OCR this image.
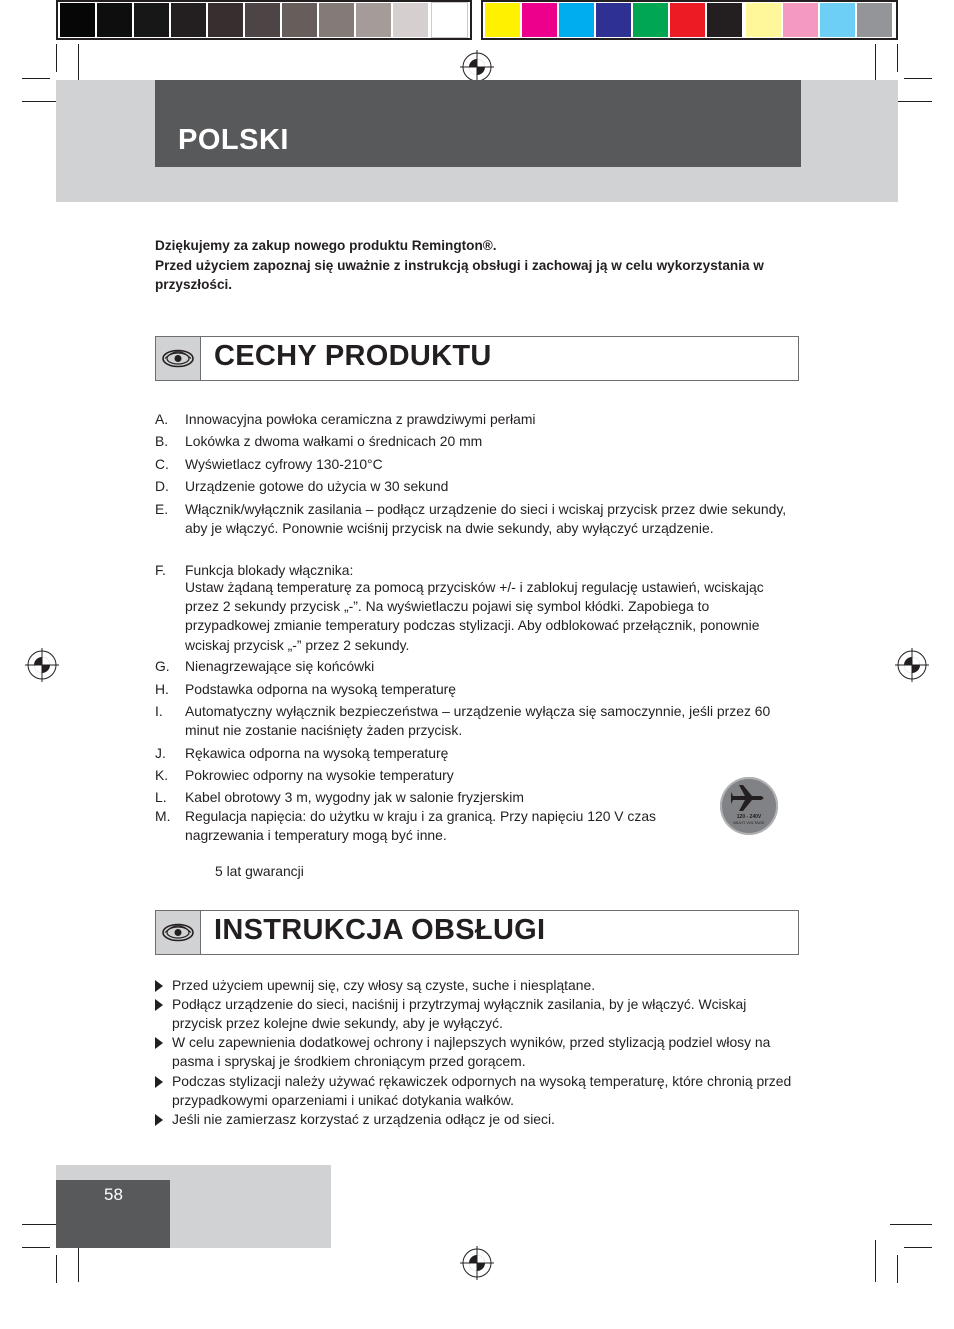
POLSKI
Dziękujemy za zakup nowego produktu Remington®.
Przed użyciem zapoznaj się uważnie z instrukcją obsługi i zachowaj ją w celu wykorzystania w przyszłości.
CECHY PRODUKTU
A. Innowacyjna powłoka ceramiczna z prawdziwymi perłami
B. Lokówka z dwoma wałkami o średnicach 20 mm
C. Wyświetlacz cyfrowy 130-210°C
D. Urządzenie gotowe do użycia w 30 sekund
E. Włącznik/wyłącznik zasilania – podłącz urządzenie do sieci i wciskaj przycisk przez dwie sekundy, aby je włączyć. Ponownie wciśnij przycisk na dwie sekundy, aby wyłączyć urządzenie.
F. Funkcja blokady włącznika:
Ustaw żądaną temperaturę za pomocą przycisków +/- i zablokuj regulację ustawień, wciskając przez 2 sekundy przycisk „-”. Na wyświetlaczu pojawi się symbol kłódki. Zapobiega to przypadkowej zmianie temperatury podczas stylizacji. Aby odblokować przełącznik, ponownie wciskaj przycisk „-” przez 2 sekundy.
G. Nienagrzewające się końcówki
H. Podstawka odporna na wysoką temperaturę
I. Automatyczny wyłącznik bezpieczeństwa – urządzenie wyłącza się samoczynnie, jeśli przez 60 minut nie zostanie naciśnięty żaden przycisk.
J. Rękawica odporna na wysoką temperaturę
K. Pokrowiec odporny na wysokie temperatury
L. Kabel obrotowy 3 m, wygodny jak w salonie fryzjerskim
M. Regulacja napięcia: do użytku w kraju i za granicą. Przy napięciu 120 V czas nagrzewania i temperatury mogą być inne.
120 - 240V
MULTI VOLTAGE
5 lat gwarancji
INSTRUKCJA OBSŁUGI
Przed użyciem upewnij się, czy włosy są czyste, suche i niesplątane.
Podłącz urządzenie do sieci, naciśnij i przytrzymaj wyłącznik zasilania, by je włączyć. Wciskaj przycisk przez kolejne dwie sekundy, aby je wyłączyć.
W celu zapewnienia dodatkowej ochrony i najlepszych wyników, przed stylizacją podziel włosy na pasma i spryskaj je środkiem chroniącym przed gorącem.
Podczas stylizacji należy używać rękawiczek odpornych na wysoką temperaturę, które chronią przed przypadkowymi oparzeniami i unikać dotykania wałków.
Jeśli nie zamierzasz korzystać z urządzenia odłącz je od sieci.
58
